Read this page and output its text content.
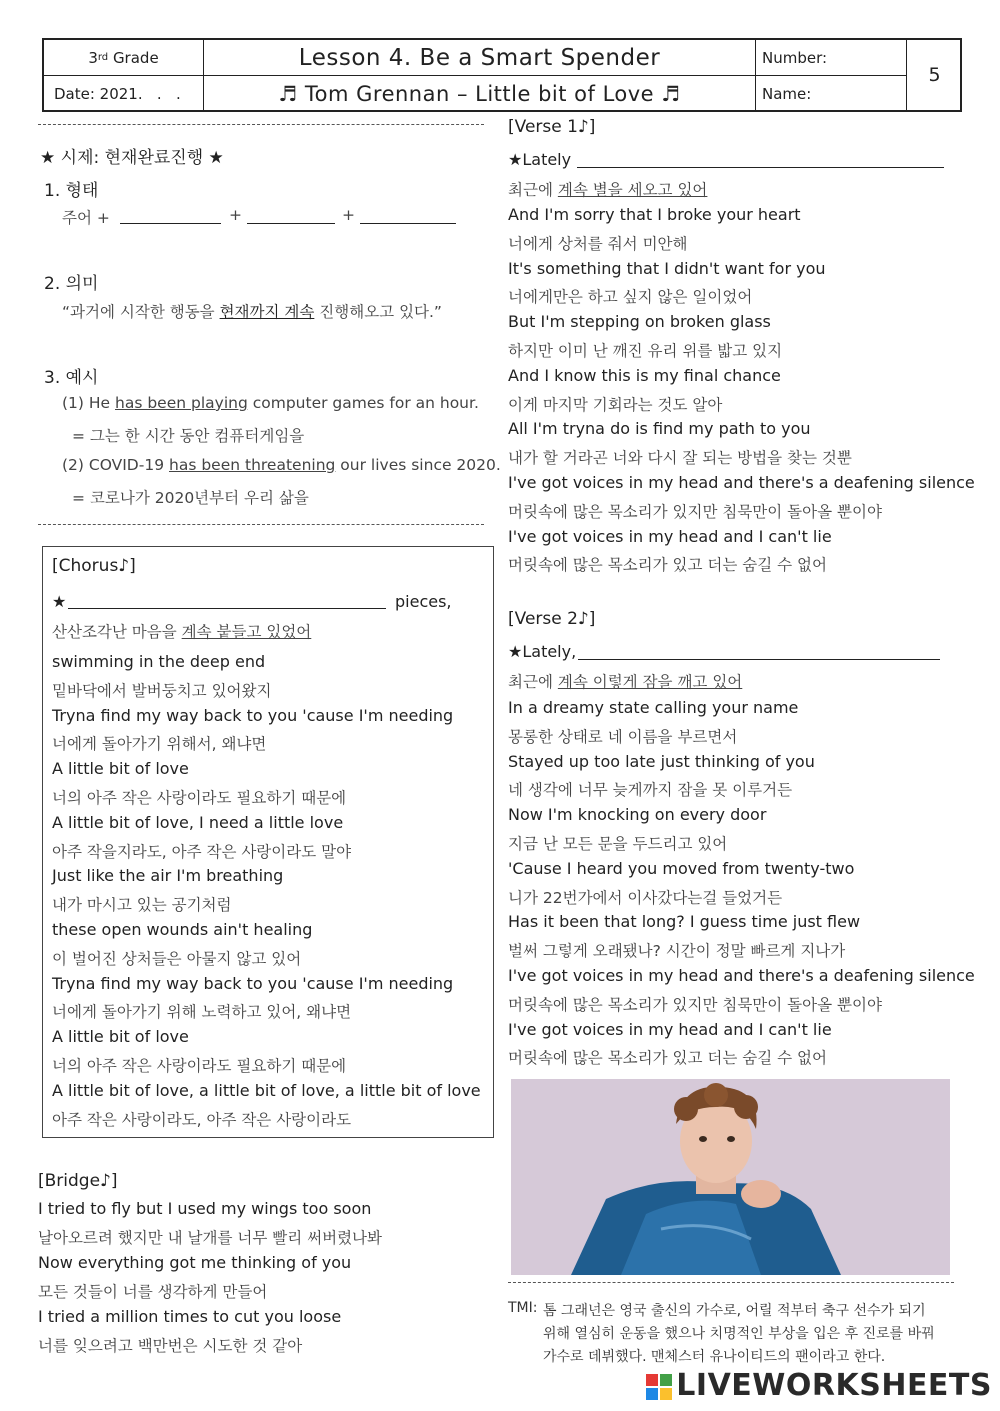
3 rd
Grade
Date: 2021.   .   .
Lesson 4. Be a Smart Spender
♬ Tom Grennan – Little bit of Love ♬
Number:
Name:
5
★ 시제: 현재완료진행 ★
1. 형태
주어 +	+	+
2. 의미
“과거에 시작한 행동을 현재까지 계속 진행해오고 있다.”
3. 예시
(1) He has been playing computer games for an hour.
= 그는 한 시간 동안 컴퓨터게임을
(2) COVID-19 has been threatening our lives since 2020.
= 코로나가 2020년부터 우리 삶을
[Chorus♪]
★	pieces,
산산조각난 마음을 계속 붙들고 있었어
swimming in the deep end
밑바닥에서 발버둥치고 있어왔지
Tryna find my way back to you 'cause I'm needing
너에게 돌아가기 위해서, 왜냐면
A little bit of love
너의 아주 작은 사랑이라도 필요하기 때문에
A little bit of love, I need a little love
아주 작을지라도, 아주 작은 사랑이라도 말야
Just like the air I'm breathing
내가 마시고 있는 공기처럼
these open wounds ain't healing
이 벌어진 상처들은 아물지 않고 있어
Tryna find my way back to you 'cause I'm needing
너에게 돌아가기 위해 노력하고 있어, 왜냐면
A little bit of love
너의 아주 작은 사랑이라도 필요하기 때문에
A little bit of love, a little bit of love, a little bit of love
아주 작은 사랑이라도, 아주 작은 사랑이라도
[Bridge♪]
I tried to fly but I used my wings too soon
날아오르려 했지만 내 날개를 너무 빨리 써버렸나봐
Now everything got me thinking of you
모든 것들이 너를 생각하게 만들어
I tried a million times to cut you loose
너를 잊으려고 백만번은 시도한 것 같아
[Verse 1♪]
★Lately
최근에 계속 별을 세오고 있어
And I'm sorry that I broke your heart
너에게 상처를 줘서 미안해
It's something that I didn't want for you
너에게만은 하고 싶지 않은 일이었어
But I'm stepping on broken glass
하지만 이미 난 깨진 유리 위를 밟고 있지
And I know this is my final chance
이게 마지막 기회라는 것도 알아
All I'm tryna do is find my path to you
내가 할 거라곤 너와 다시 잘 되는 방법을 찾는 것뿐
I've got voices in my head and there's a deafening silence
머릿속에 많은 목소리가 있지만 침묵만이 돌아올 뿐이야
I've got voices in my head and I can't lie
머릿속에 많은 목소리가 있고 더는 숨길 수 없어
[Verse 2♪]
★Lately,
최근에 계속 이렇게 잠을 깨고 있어
In a dreamy state calling your name
몽롱한 상태로 네 이름을 부르면서
Stayed up too late just thinking of you
네 생각에 너무 늦게까지 잠을 못 이루거든
Now I'm knocking on every door
지금 난 모든 문을 두드리고 있어
'Cause I heard you moved from twenty-two
니가 22번가에서 이사갔다는걸 들었거든
Has it been that long? I guess time just flew
벌써 그렇게 오래됐나? 시간이 정말 빠르게 지나가
I've got voices in my head and there's a deafening silence
머릿속에 많은 목소리가 있지만 침묵만이 돌아올 뿐이야
I've got voices in my head and I can't lie
머릿속에 많은 목소리가 있고 더는 숨길 수 없어
TMI: 톰 그래넌은 영국 출신의 가수로, 어릴 적부터 축구 선수가 되기
위해 열심히 운동을 했으나 치명적인 부상을 입은 후 진로를 바꿔
가수로 데뷔했다. 맨체스터 유나이티드의 팬이라고 한다.
LIVEWORKSHEETS
